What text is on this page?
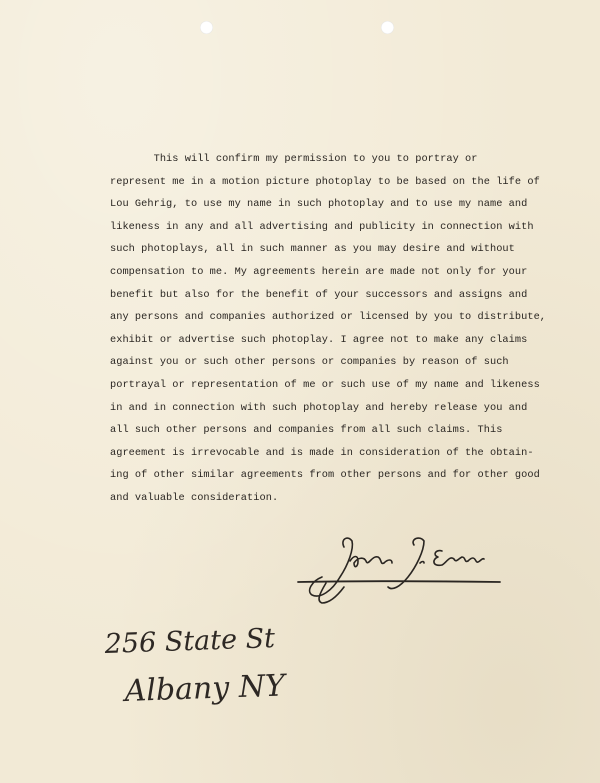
This will confirm my permission to you to portray or
represent me in a motion picture photoplay to be based on the life of
Lou Gehrig, to use my name in such photoplay and to use my name and
likeness in any and all advertising and publicity in connection with
such photoplays, all in such manner as you may desire and without
compensation to me. My agreements herein are made not only for your
benefit but also for the benefit of your successors and assigns and
any persons and companies authorized or licensed by you to distribute,
exhibit or advertise such photoplay. I agree not to make any claims
against you or such other persons or companies by reason of such
portrayal or representation of me or such use of my name and likeness
in and in connection with such photoplay and hereby release you and
all such other persons and companies from all such claims. This
agreement is irrevocable and is made in consideration of the obtain-
ing of other similar agreements from other persons and for other good
and valuable consideration.
256 State St
Albany NY
